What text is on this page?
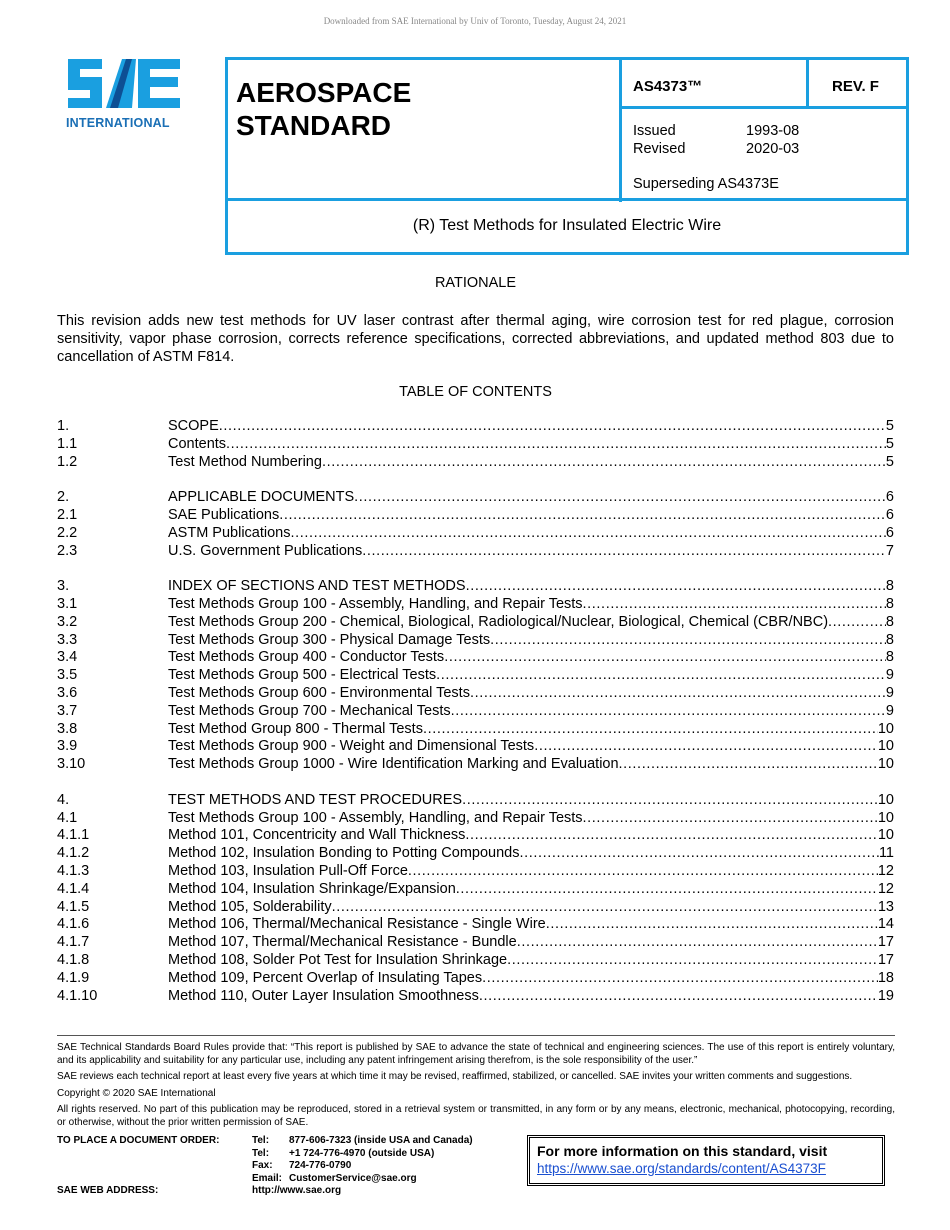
Downloaded from SAE International by Univ of Toronto, Tuesday, August 24, 2021
INTERNATIONAL
AEROSPACE
STANDARD
AS4373™	REV. F
Issued	1993-08
Revised	2020-03
Superseding AS4373E
(R) Test Methods for Insulated Electric Wire
RATIONALE
This revision adds new test methods for UV laser contrast after thermal aging, wire corrosion test for red plague, corrosion sensitivity, vapor phase corrosion, corrects reference specifications, corrected abbreviations, and updated method 803 due to cancellation of ASTM F814.
TABLE OF CONTENTS
1.	SCOPE .....	5
1.1	Contents .....	5
1.2	Test Method Numbering .....	5
2.	APPLICABLE DOCUMENTS .....	6
2.1	SAE Publications .....	6
2.2	ASTM Publications .....	6
2.3	U.S. Government Publications .....	7
3.	INDEX OF SECTIONS AND TEST METHODS .....	8
3.1	Test Methods Group 100 - Assembly, Handling, and Repair Tests .....	8
3.2	Test Methods Group 200 - Chemical, Biological, Radiological/Nuclear, Biological, Chemical (CBR/NBC) .....	8
3.3	Test Methods Group 300 - Physical Damage Tests .....	8
3.4	Test Methods Group 400 - Conductor Tests .....	8
3.5	Test Methods Group 500 - Electrical Tests .....	9
3.6	Test Methods Group 600 - Environmental Tests .....	9
3.7	Test Methods Group 700 - Mechanical Tests .....	9
3.8	Test Method Group 800 - Thermal Tests .....	10
3.9	Test Methods Group 900 - Weight and Dimensional Tests .....	10
3.10	Test Methods Group 1000 - Wire Identification Marking and Evaluation .....	10
4.	TEST METHODS AND TEST PROCEDURES .....	10
4.1	Test Methods Group 100 - Assembly, Handling, and Repair Tests .....	10
4.1.1	Method 101, Concentricity and Wall Thickness .....	10
4.1.2	Method 102, Insulation Bonding to Potting Compounds .....	11
4.1.3	Method 103, Insulation Pull-Off Force .....	12
4.1.4	Method 104, Insulation Shrinkage/Expansion .....	12
4.1.5	Method 105, Solderability .....	13
4.1.6	Method 106, Thermal/Mechanical Resistance - Single Wire .....	14
4.1.7	Method 107, Thermal/Mechanical Resistance - Bundle .....	17
4.1.8	Method 108, Solder Pot Test for Insulation Shrinkage .....	17
4.1.9	Method 109, Percent Overlap of Insulating Tapes .....	18
4.1.10	Method 110, Outer Layer Insulation Smoothness .....	19
SAE Technical Standards Board Rules provide that: “This report is published by SAE to advance the state of technical and engineering sciences. The use of this report is entirely voluntary, and its applicability and suitability for any particular use, including any patent infringement arising therefrom, is the sole responsibility of the user.”
SAE reviews each technical report at least every five years at which time it may be revised, reaffirmed, stabilized, or cancelled. SAE invites your written comments and suggestions.
Copyright © 2020 SAE International
All rights reserved. No part of this publication may be reproduced, stored in a retrieval system or transmitted, in any form or by any means, electronic, mechanical, photocopying, recording, or otherwise, without the prior written permission of SAE.
TO PLACE A DOCUMENT ORDER:	Tel:	877-606-7323 (inside USA and Canada)
	Tel:	+1 724-776-4970 (outside USA)
	Fax:	724-776-0790
	Email:	CustomerService@sae.org
SAE WEB ADDRESS:	http://www.sae.org	
For more information on this standard, visit
https://www.sae.org/standards/content/AS4373F
